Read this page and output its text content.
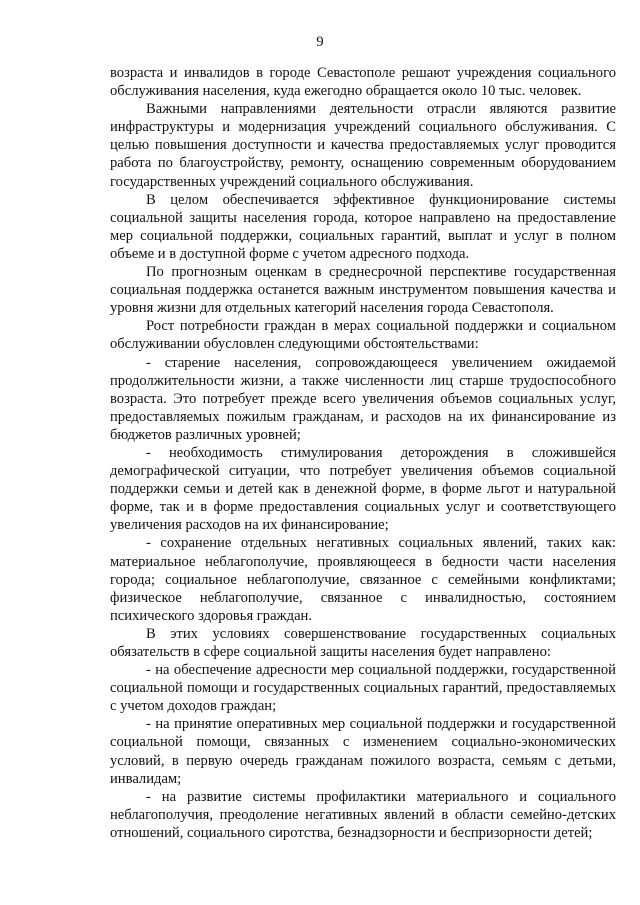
9

возраста и инвалидов в городе Севастополе решают учреждения социального обслуживания населения, куда ежегодно обращается около 10 тыс. человек.

Важными направлениями деятельности отрасли являются развитие инфраструктуры и модернизация учреждений социального обслуживания. С целью повышения доступности и качества предоставляемых услуг проводится работа по благоустройству, ремонту, оснащению современным оборудованием государственных учреждений социального обслуживания.

В целом обеспечивается эффективное функционирование системы социальной защиты населения города, которое направлено на предоставление мер социальной поддержки, социальных гарантий, выплат и услуг в полном объеме и в доступной форме с учетом адресного подхода.

По прогнозным оценкам в среднесрочной перспективе государственная социальная поддержка останется важным инструментом повышения качества и уровня жизни для отдельных категорий населения города Севастополя.

Рост потребности граждан в мерах социальной поддержки и социальном обслуживании обусловлен следующими обстоятельствами:

- старение населения, сопровождающееся увеличением ожидаемой продолжительности жизни, а также численности лиц старше трудоспособного возраста. Это потребует прежде всего увеличения объемов социальных услуг, предоставляемых пожилым гражданам, и расходов на их финансирование из бюджетов различных уровней;

- необходимость стимулирования деторождения в сложившейся демографической ситуации, что потребует увеличения объемов социальной поддержки семьи и детей как в денежной форме, в форме льгот и натуральной форме, так и в форме предоставления социальных услуг и соответствующего увеличения расходов на их финансирование;

- сохранение отдельных негативных социальных явлений, таких как: материальное неблагополучие, проявляющееся в бедности части населения города; социальное неблагополучие, связанное с семейными конфликтами; физическое неблагополучие, связанное с инвалидностью, состоянием психического здоровья граждан.

В этих условиях совершенствование государственных социальных обязательств в сфере социальной защиты населения будет направлено:

- на обеспечение адресности мер социальной поддержки, государственной социальной помощи и государственных социальных гарантий, предоставляемых с учетом доходов граждан;

- на принятие оперативных мер социальной поддержки и государственной социальной помощи, связанных с изменением социально-экономических условий, в первую очередь гражданам пожилого возраста, семьям с детьми, инвалидам;

- на развитие системы профилактики материального и социального неблагополучия, преодоление негативных явлений в области семейно-детских отношений, социального сиротства, безнадзорности и беспризорности детей;
